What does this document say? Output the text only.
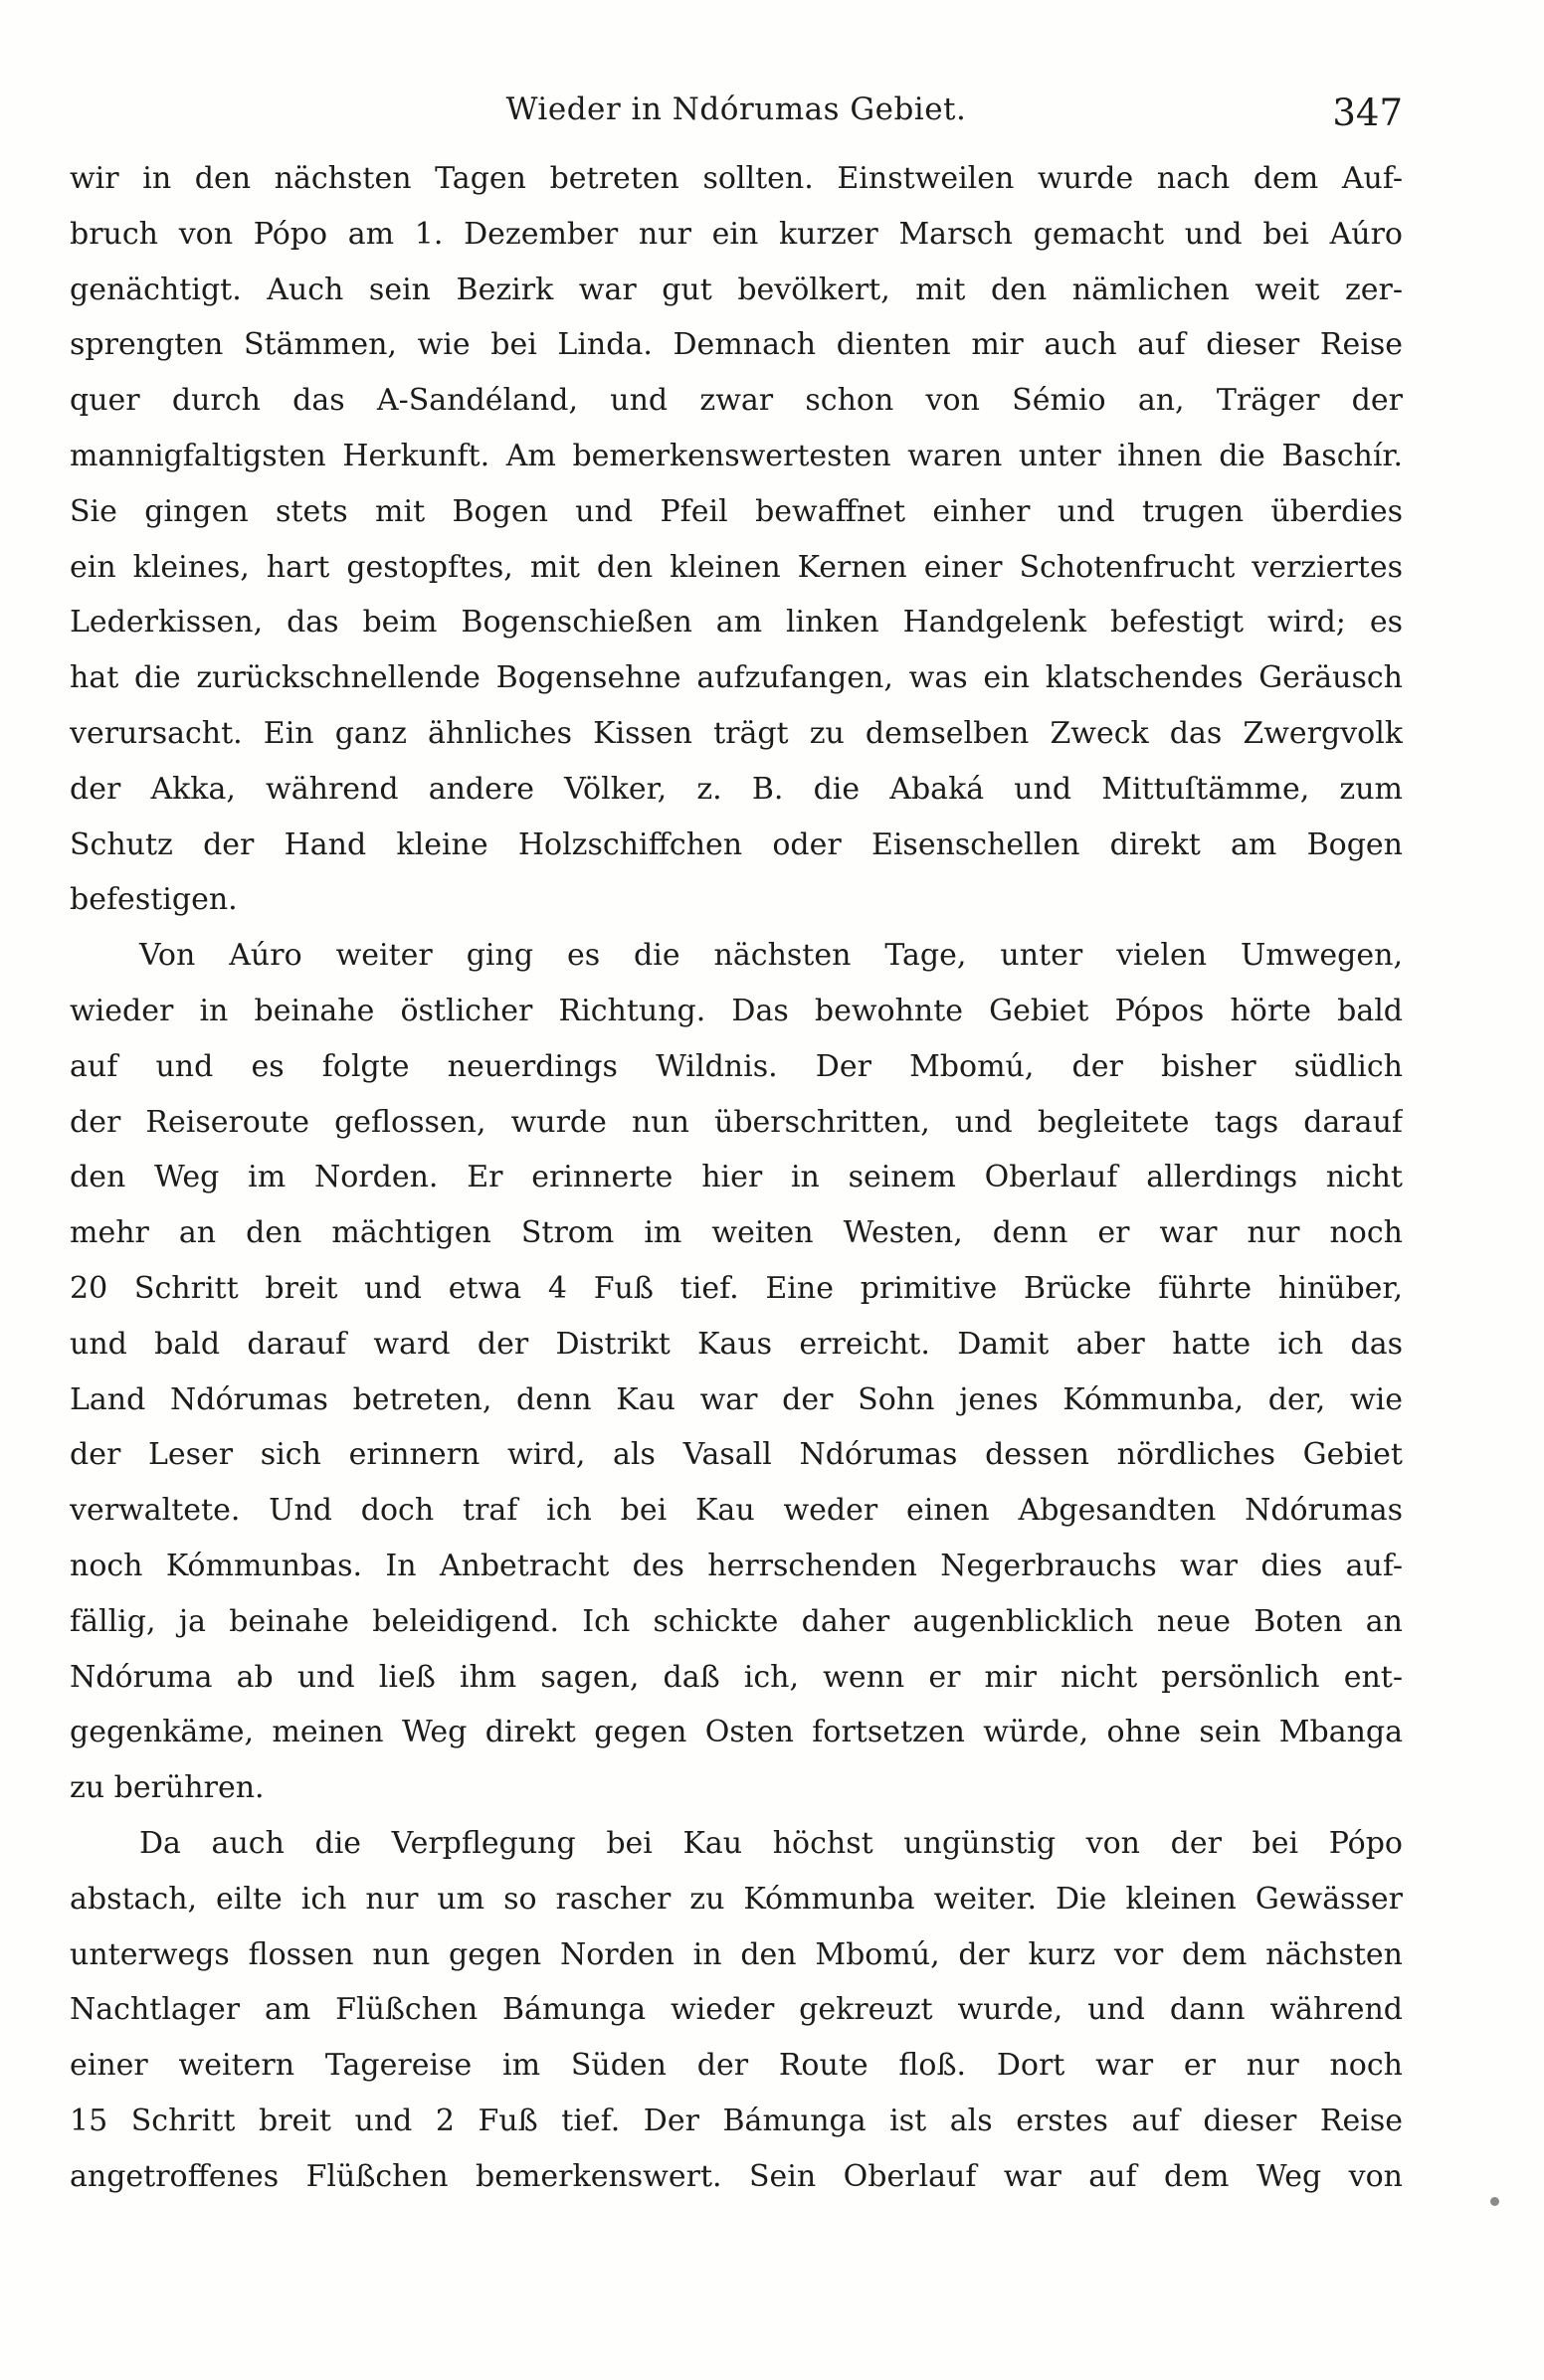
Wieder in Ndórumas Gebiet.	347
wir in den nächsten Tagen betreten sollten. Einstweilen wurde nach dem Auf-
bruch von Pópo am 1. Dezember nur ein kurzer Marsch gemacht und bei Aúro
genächtigt. Auch sein Bezirk war gut bevölkert, mit den nämlichen weit zer-
sprengten Stämmen, wie bei Linda. Demnach dienten mir auch auf dieser Reise
quer durch das A-Sandéland, und zwar schon von Sémio an, Träger der
mannigfaltigsten Herkunft. Am bemerkenswertesten waren unter ihnen die Baschír.
Sie gingen stets mit Bogen und Pfeil bewaffnet einher und trugen überdies
ein kleines, hart gestopftes, mit den kleinen Kernen einer Schotenfrucht verziertes
Lederkissen, das beim Bogenschießen am linken Handgelenk befestigt wird; es
hat die zurückschnellende Bogensehne aufzufangen, was ein klatschendes Geräusch
verursacht. Ein ganz ähnliches Kissen trägt zu demselben Zweck das Zwergvolk
der Akka, während andere Völker, z. B. die Abaká und Mittuſtämme, zum
Schutz der Hand kleine Holzschiffchen oder Eisenschellen direkt am Bogen
befestigen.
Von Aúro weiter ging es die nächsten Tage, unter vielen Umwegen,
wieder in beinahe östlicher Richtung. Das bewohnte Gebiet Pópos hörte bald
auf und es folgte neuerdings Wildnis. Der Mbomú, der bisher südlich
der Reiseroute geflossen, wurde nun überschritten, und begleitete tags darauf
den Weg im Norden. Er erinnerte hier in seinem Oberlauf allerdings nicht
mehr an den mächtigen Strom im weiten Westen, denn er war nur noch
20 Schritt breit und etwa 4 Fuß tief. Eine primitive Brücke führte hinüber,
und bald darauf ward der Distrikt Kaus erreicht. Damit aber hatte ich das
Land Ndórumas betreten, denn Kau war der Sohn jenes Kómmunba, der, wie
der Leser sich erinnern wird, als Vasall Ndórumas dessen nördliches Gebiet
verwaltete. Und doch traf ich bei Kau weder einen Abgesandten Ndórumas
noch Kómmunbas. In Anbetracht des herrschenden Negerbrauchs war dies auf-
fällig, ja beinahe beleidigend. Ich schickte daher augenblicklich neue Boten an
Ndóruma ab und ließ ihm sagen, daß ich, wenn er mir nicht persönlich ent-
gegenkäme, meinen Weg direkt gegen Osten fortsetzen würde, ohne sein Mbanga
zu berühren.
Da auch die Verpflegung bei Kau höchst ungünstig von der bei Pópo
abstach, eilte ich nur um so rascher zu Kómmunba weiter. Die kleinen Gewässer
unterwegs flossen nun gegen Norden in den Mbomú, der kurz vor dem nächsten
Nachtlager am Flüßchen Bámunga wieder gekreuzt wurde, und dann während
einer weitern Tagereise im Süden der Route floß. Dort war er nur noch
15 Schritt breit und 2 Fuß tief. Der Bámunga ist als erstes auf dieser Reise
angetroffenes Flüßchen bemerkenswert. Sein Oberlauf war auf dem Weg von
